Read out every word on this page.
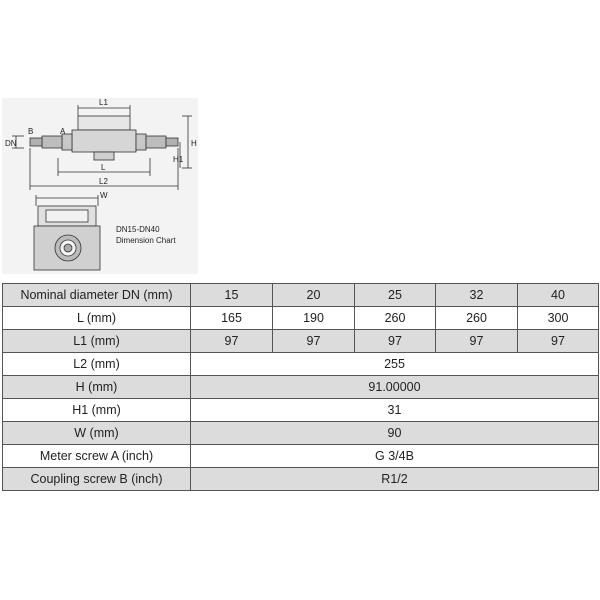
L1
L
L2
A
B
DN	H
H1
W
DN15-DN40
Dimension Chart
Nominal diameter DN (mm)	15	20	25	32	40
L (mm)	165	190	260	260	300
L1 (mm)	97	97	97	97	97
L2 (mm)	255				
H (mm)	91.00000				
H1 (mm)	31				
W (mm)	90				
Meter screw A (inch)	G 3/4B				
Coupling screw B (inch)	R1/2				
